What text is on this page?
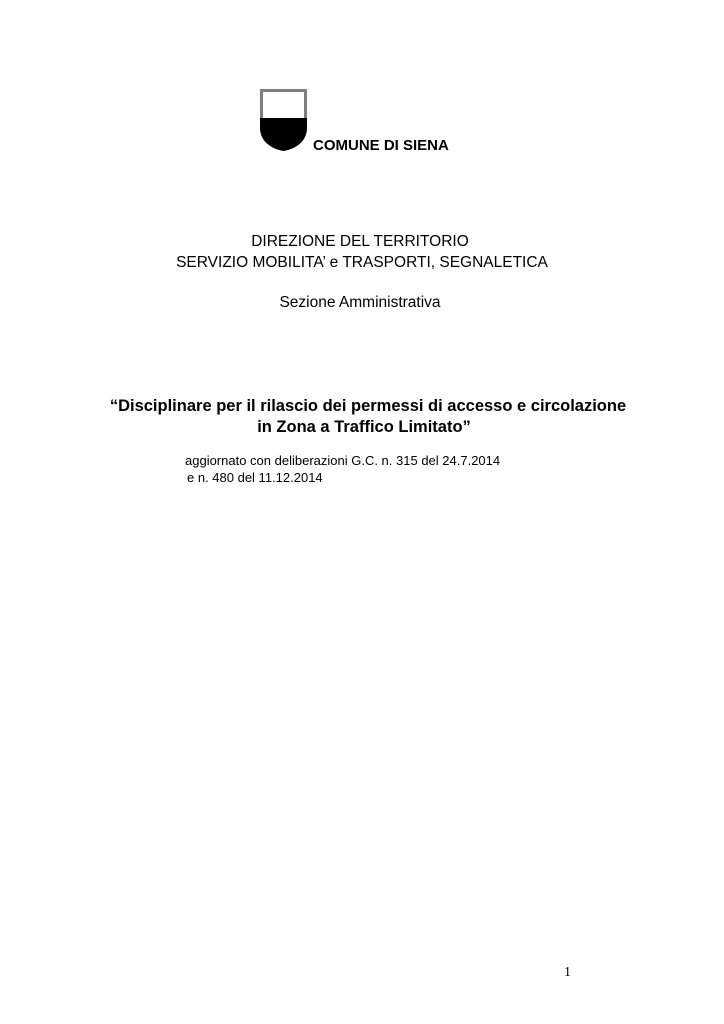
COMUNE DI SIENA
DIREZIONE DEL TERRITORIO
SERVIZIO MOBILITA’ e TRASPORTI, SEGNALETICA
Sezione Amministrativa
“Disciplinare per il rilascio dei permessi di accesso e circolazione
in Zona a Traffico Limitato”
aggiornato con deliberazioni G.C. n. 315 del 24.7.2014
e n. 480 del 11.12.2014
1
